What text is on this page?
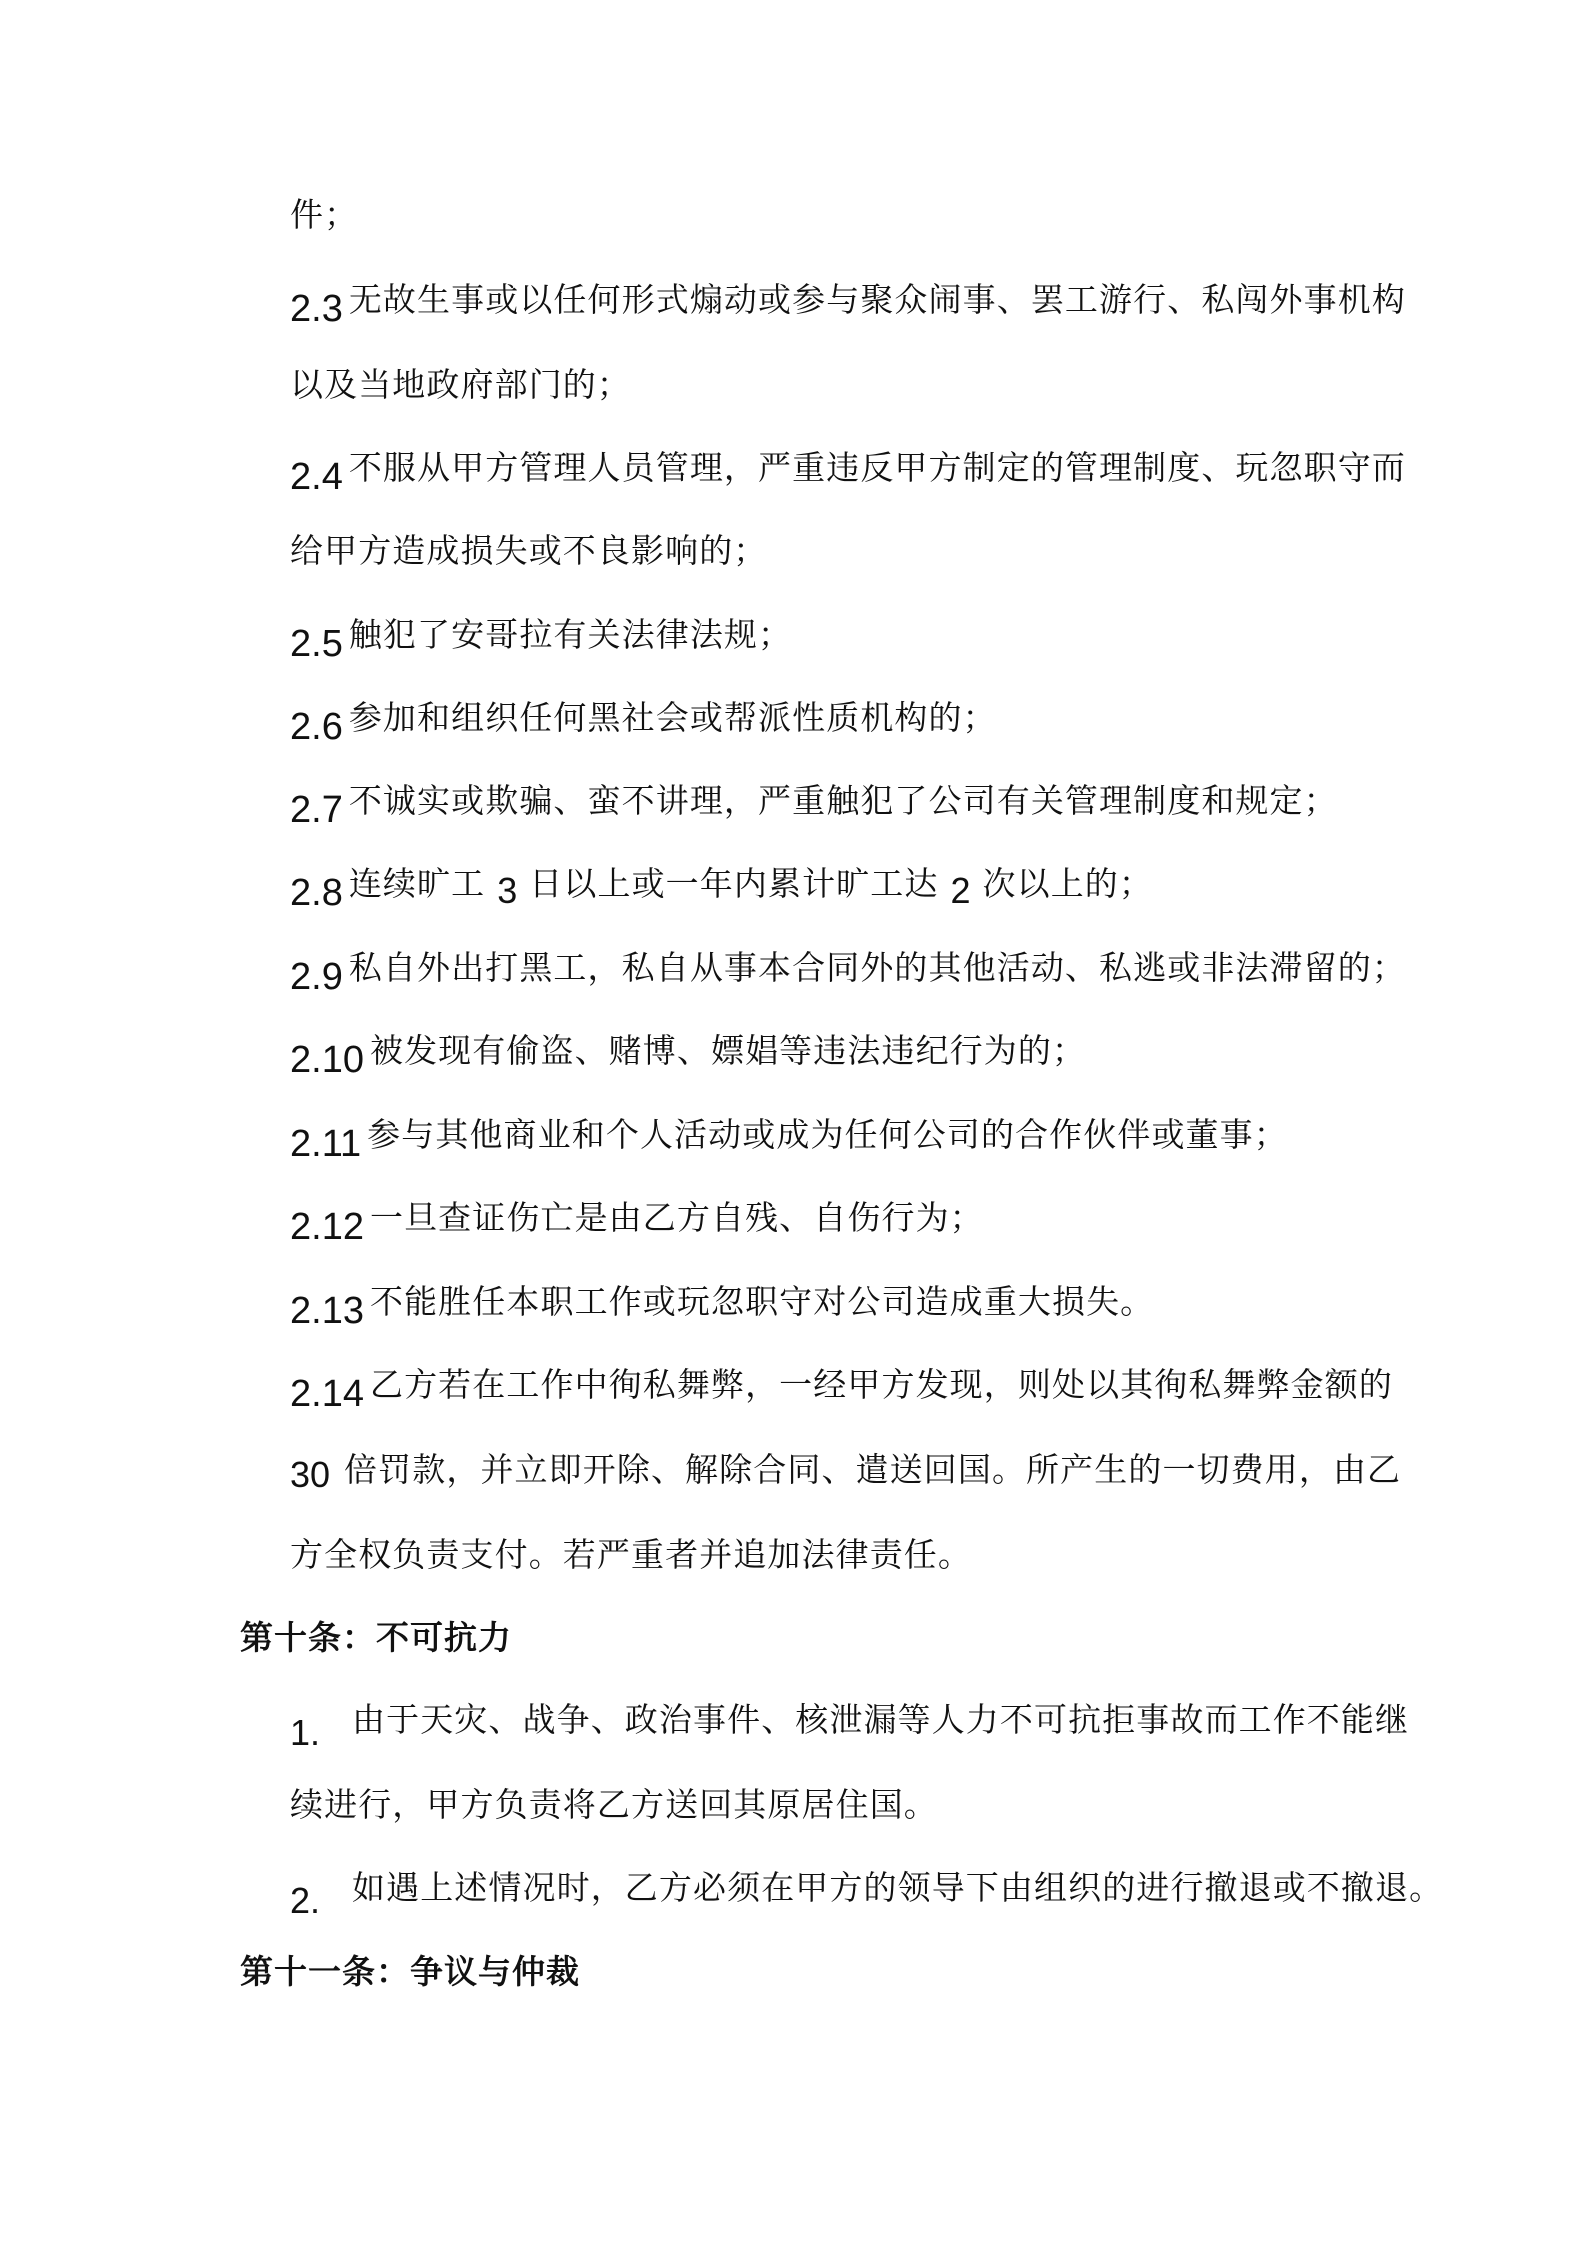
件；
2.3 无故生事或以任何形式煽动或参与聚众闹事、罢工游行、私闯外事机构
以及当地政府部门的；
2.4 不服从甲方管理人员管理，严重违反甲方制定的管理制度、玩忽职守而
给甲方造成损失或不良影响的；
2.5 触犯了安哥拉有关法律法规；
2.6 参加和组织任何黑社会或帮派性质机构的；
2.7 不诚实或欺骗、蛮不讲理，严重触犯了公司有关管理制度和规定；
2.8 连续旷工 3 日以上或一年内累计旷工达 2 次以上的；
2.9 私自外出打黑工，私自从事本合同外的其他活动、私逃或非法滞留的；
2.10 被发现有偷盗、赌博、嫖娼等违法违纪行为的；
2.11 参与其他商业和个人活动或成为任何公司的合作伙伴或董事；
2.12 一旦查证伤亡是由乙方自残、自伤行为；
2.13 不能胜任本职工作或玩忽职守对公司造成重大损失。
2.14 乙方若在工作中徇私舞弊，一经甲方发现，则处以其徇私舞弊金额的
30 倍罚款，并立即开除、解除合同、遣送回国。所产生的一切费用，由乙
方全权负责支付。若严重者并追加法律责任。
第十条：不可抗力
1. 由于天灾、战争、政治事件、核泄漏等人力不可抗拒事故而工作不能继
续进行，甲方负责将乙方送回其原居住国。
2. 如遇上述情况时，乙方必须在甲方的领导下由组织的进行撤退或不撤退。
第十一条：争议与仲裁
